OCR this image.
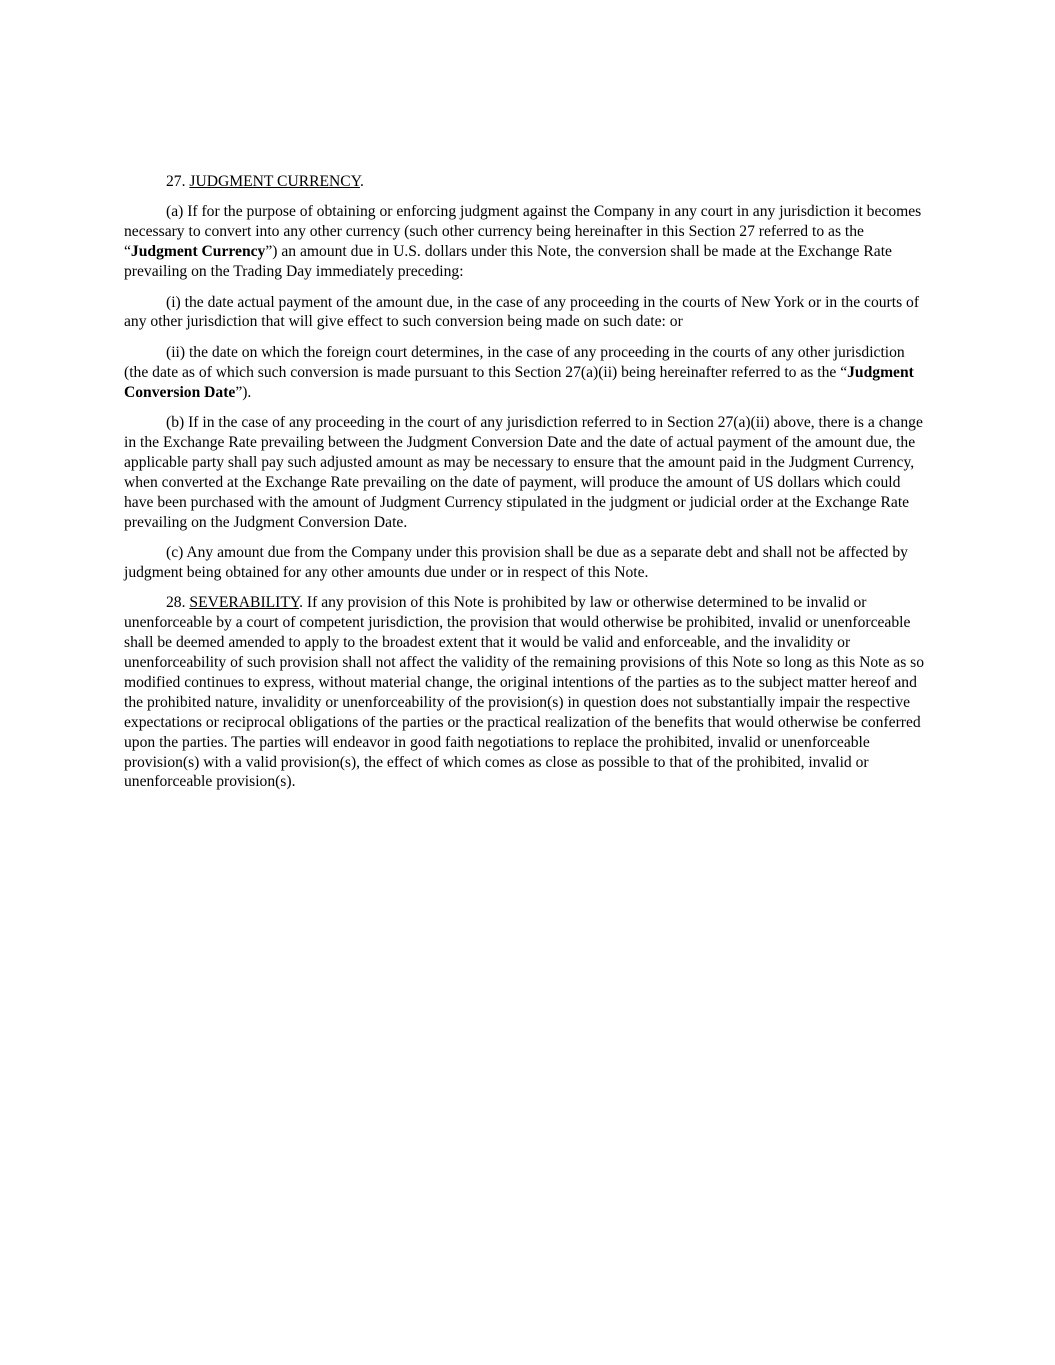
27. JUDGMENT CURRENCY.

(a) If for the purpose of obtaining or enforcing judgment against the Company in any court in any jurisdiction it becomes necessary to convert into any other currency (such other currency being hereinafter in this Section 27 referred to as the “Judgment Currency”) an amount due in U.S. dollars under this Note, the conversion shall be made at the Exchange Rate prevailing on the Trading Day immediately preceding:

(i) the date actual payment of the amount due, in the case of any proceeding in the courts of New York or in the courts of any other jurisdiction that will give effect to such conversion being made on such date: or

(ii) the date on which the foreign court determines, in the case of any proceeding in the courts of any other jurisdiction (the date as of which such conversion is made pursuant to this Section 27(a)(ii) being hereinafter referred to as the “Judgment Conversion Date”).

(b) If in the case of any proceeding in the court of any jurisdiction referred to in Section 27(a)(ii) above, there is a change in the Exchange Rate prevailing between the Judgment Conversion Date and the date of actual payment of the amount due, the applicable party shall pay such adjusted amount as may be necessary to ensure that the amount paid in the Judgment Currency, when converted at the Exchange Rate prevailing on the date of payment, will produce the amount of US dollars which could have been purchased with the amount of Judgment Currency stipulated in the judgment or judicial order at the Exchange Rate prevailing on the Judgment Conversion Date.

(c) Any amount due from the Company under this provision shall be due as a separate debt and shall not be affected by judgment being obtained for any other amounts due under or in respect of this Note.

28. SEVERABILITY. If any provision of this Note is prohibited by law or otherwise determined to be invalid or unenforceable by a court of competent jurisdiction, the provision that would otherwise be prohibited, invalid or unenforceable shall be deemed amended to apply to the broadest extent that it would be valid and enforceable, and the invalidity or unenforceability of such provision shall not affect the validity of the remaining provisions of this Note so long as this Note as so modified continues to express, without material change, the original intentions of the parties as to the subject matter hereof and the prohibited nature, invalidity or unenforceability of the provision(s) in question does not substantially impair the respective expectations or reciprocal obligations of the parties or the practical realization of the benefits that would otherwise be conferred upon the parties. The parties will endeavor in good faith negotiations to replace the prohibited, invalid or unenforceable provision(s) with a valid provision(s), the effect of which comes as close as possible to that of the prohibited, invalid or unenforceable provision(s).
